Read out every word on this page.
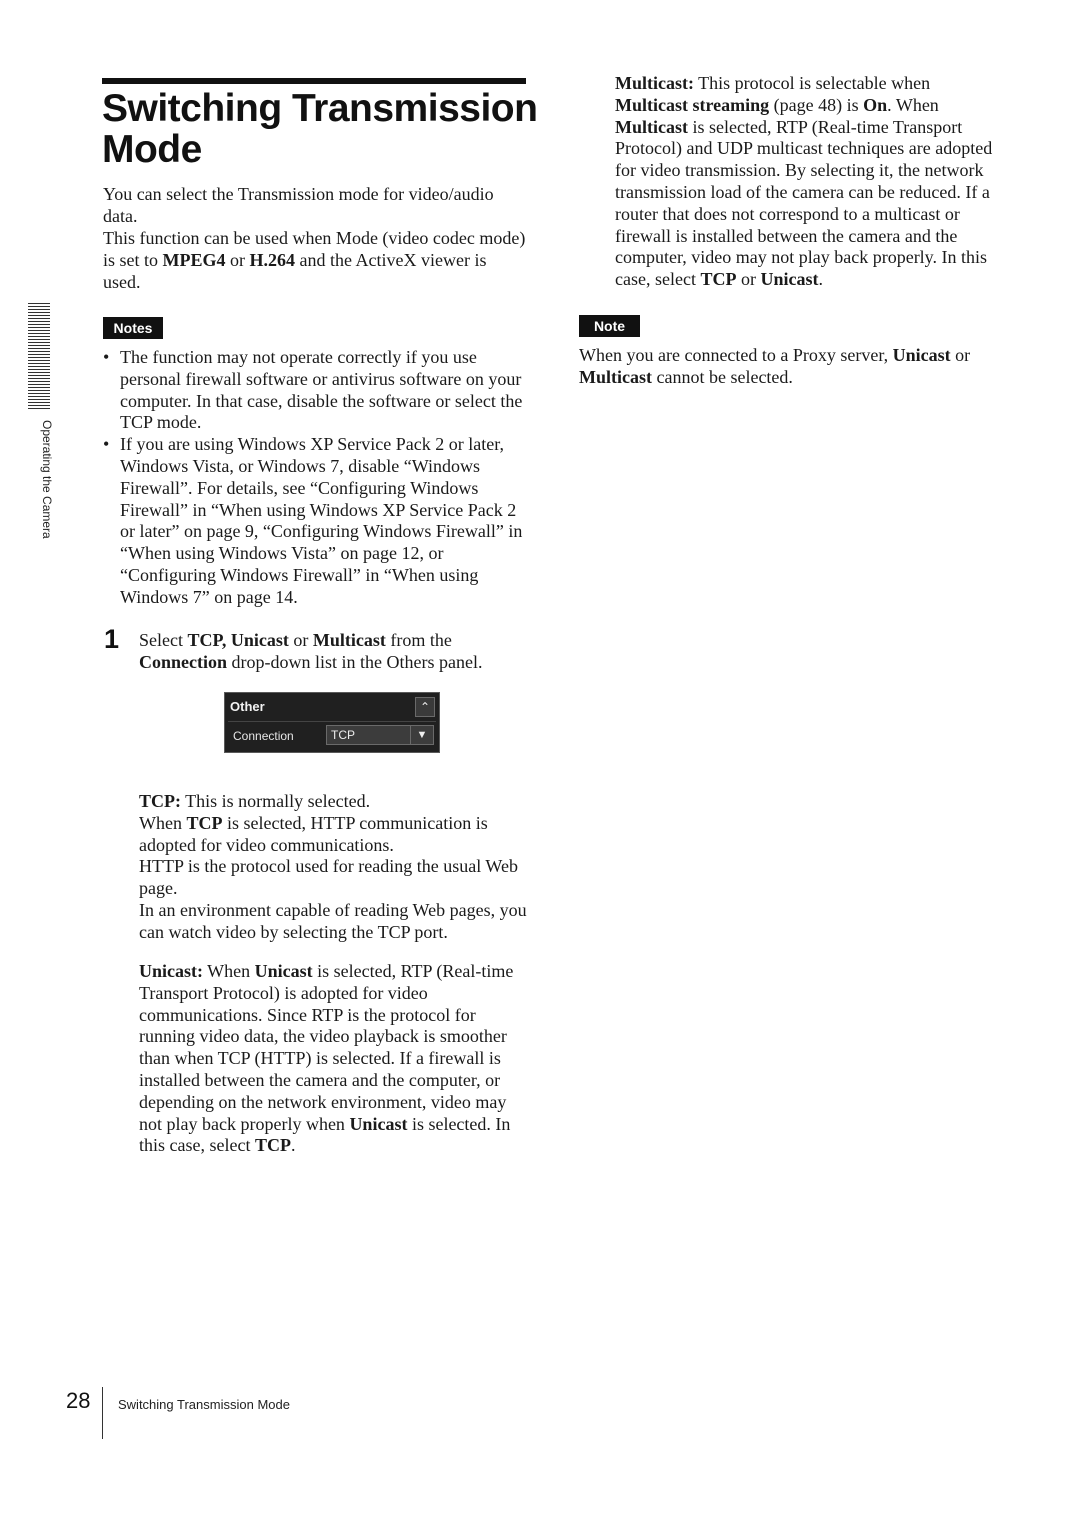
Switching Transmission Mode
Operating the Camera

You can select the Transmission mode for video/audio data.

This function can be used when Mode (video codec mode) is set to MPEG4 or H.264 and the ActiveX viewer is used.

Notes
• The function may not operate correctly if you use personal firewall software or antivirus software on your computer. In that case, disable the software or select the TCP mode.
• If you are using Windows XP Service Pack 2 or later, Windows Vista, or Windows 7, disable “Windows Firewall”. For details, see “Configuring Windows Firewall” in “When using Windows XP Service Pack 2 or later” on page 9, “Configuring Windows Firewall” in “When using Windows Vista” on page 12, or “Configuring Windows Firewall” in “When using Windows 7” on page 14.
1 Select TCP, Unicast or Multicast from the Connection drop-down list in the Others panel.

Other	⌃
Connection	TCP	▼
TCP: This is normally selected.
When TCP is selected, HTTP communication is adopted for video communications.
HTTP is the protocol used for reading the usual Web page.
In an environment capable of reading Web pages, you can watch video by selecting the TCP port.

Unicast: When Unicast is selected, RTP (Real-time Transport Protocol) is adopted for video communications. Since RTP is the protocol for running video data, the video playback is smoother than when TCP (HTTP) is selected. If a firewall is installed between the camera and the computer, or depending on the network environment, video may not play back properly when Unicast is selected. In this case, select TCP.

Multicast: This protocol is selectable when Multicast streaming (page 48) is On. When Multicast is selected, RTP (Real-time Transport Protocol) and UDP multicast techniques are adopted for video transmission. By selecting it, the network transmission load of the camera can be reduced. If a router that does not correspond to a multicast or firewall is installed between the camera and the computer, video may not play back properly. In this case, select TCP or Unicast.

Note

When you are connected to a Proxy server, Unicast or Multicast cannot be selected.

28 Switching Transmission Mode
